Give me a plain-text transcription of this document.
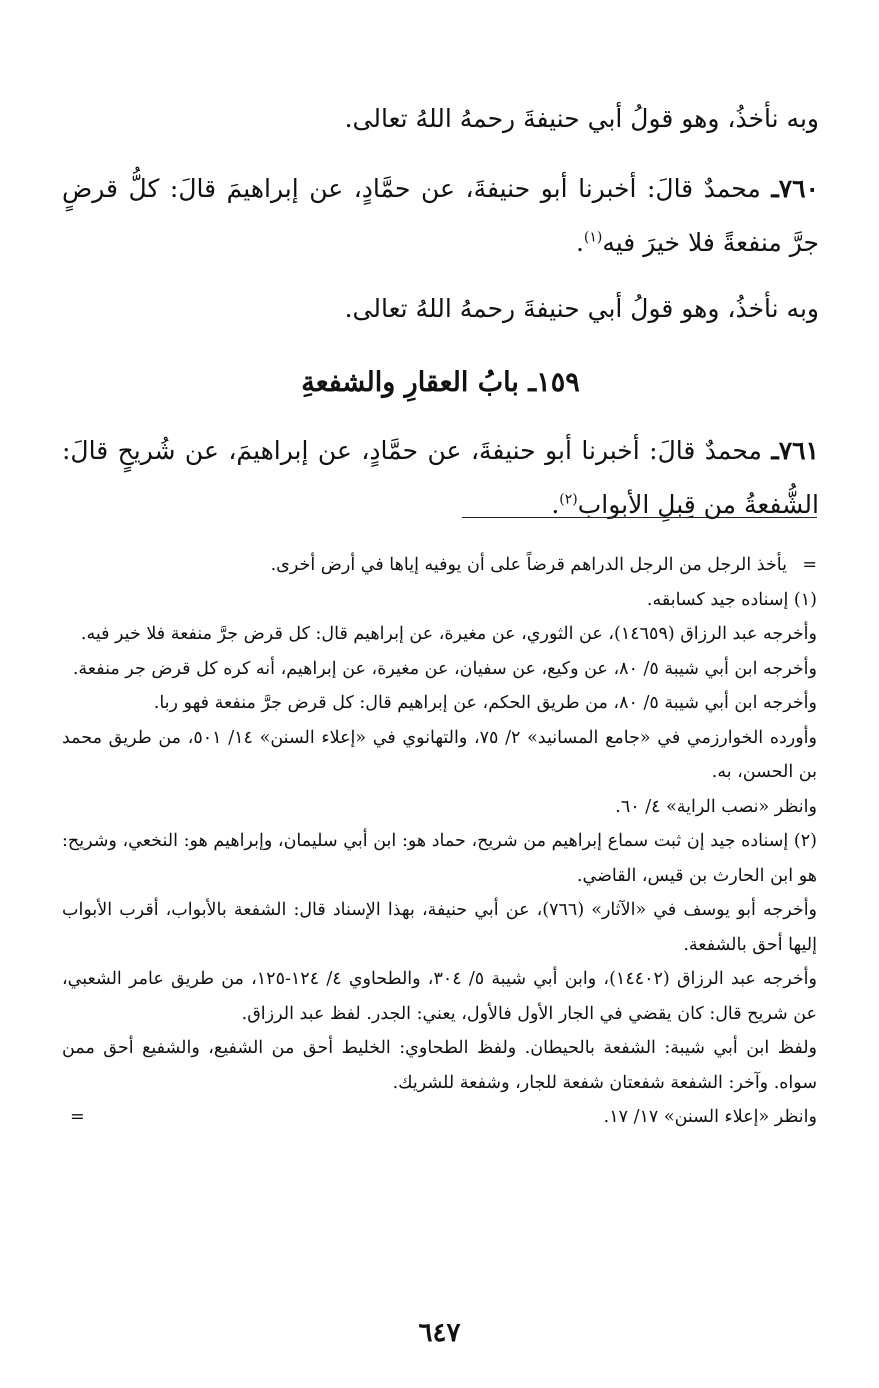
وبه نأخذُ، وهو قولُ أبي حنيفةَ رحمهُ اللهُ تعالى.

٧٦٠ـ محمدٌ قالَ: أخبرنا أبو حنيفةَ، عن حمَّادٍ، عن إبراهيمَ قالَ: كلُّ قرضٍ جرَّ منفعةً فلا خيرَ فيه$^{(١)}$.

وبه نأخذُ، وهو قولُ أبي حنيفةَ رحمهُ اللهُ تعالى.

١٥٩ـ بابُ العقارِ والشفعةِ

٧٦١ـ محمدٌ قالَ: أخبرنا أبو حنيفةَ، عن حمَّادٍ، عن إبراهيمَ، عن شُريحٍ قالَ: الشُّفعةُ من قِبلِ الأبواب$^{(٢)}$.

=
يأخذ الرجل من الرجل الدراهم قرضاً على أن يوفيه إياها في أرض أخرى.

(١) إسناده جيد كسابقه.

وأخرجه عبد الرزاق (١٤٦٥٩)، عن الثوري، عن مغيرة، عن إبراهيم قال: كل قرض جرَّ منفعة فلا خير فيه.

وأخرجه ابن أبي شيبة ٥/ ٨٠، عن وكيع، عن سفيان، عن مغيرة، عن إبراهيم، أنه كره كل قرض جر منفعة.

وأخرجه ابن أبي شيبة ٥/ ٨٠، من طريق الحكم، عن إبراهيم قال: كل قرض جرَّ منفعة فهو ربا.

وأورده الخوارزمي في «جامع المسانيد» ٢/ ٧٥، والتهانوي في «إعلاء السنن» ١٤/ ٥٠١، من طريق محمد بن الحسن، به.

وانظر «نصب الراية» ٤/ ٦٠.

(٢) إسناده جيد إن ثبت سماع إبراهيم من شريح، حماد هو: ابن أبي سليمان، وإبراهيم هو: النخعي، وشريح: هو ابن الحارث بن قيس، القاضي.

وأخرجه أبو يوسف في «الآثار» (٧٦٦)، عن أبي حنيفة، بهذا الإسناد قال: الشفعة بالأبواب، أقرب الأبواب إليها أحق بالشفعة.

وأخرجه عبد الرزاق (١٤٤٠٢)، وابن أبي شيبة ٥/ ٣٠٤، والطحاوي ٤/ ١٢٤-١٢٥، من طريق عامر الشعبي، عن شريح قال: كان يقضي في الجار الأول فالأول، يعني: الجدر. لفظ عبد الرزاق.

ولفظ ابن أبي شيبة: الشفعة بالحيطان. ولفظ الطحاوي: الخليط أحق من الشفيع، والشفيع أحق ممن سواه. وآخر: الشفعة شفعتان شفعة للجار، وشفعة للشريك.

وانظر «إعلاء السنن» ١٧/ ١٧.
=

٦٤٧
